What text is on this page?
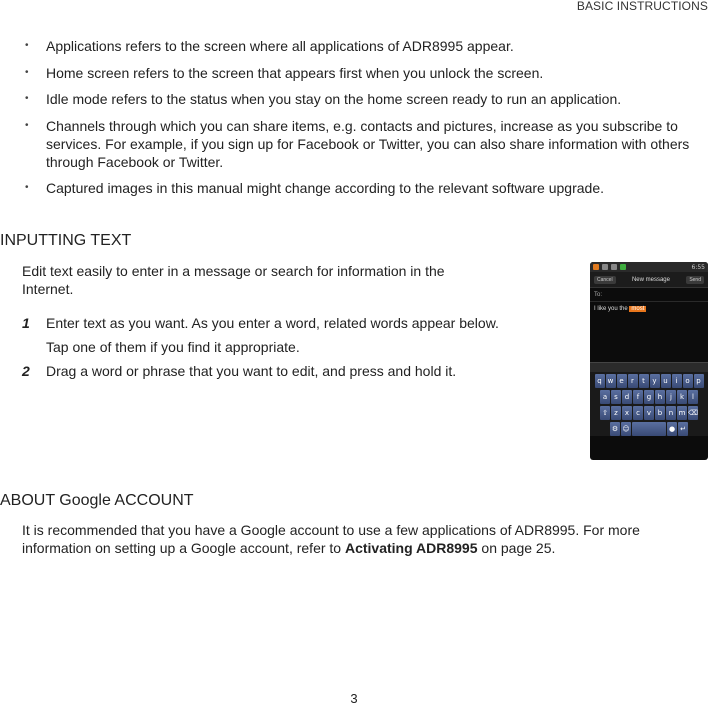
BASIC INSTRUCTIONS
• Applications refers to the screen where all applications of ADR8995 appear.
• Home screen refers to the screen that appears first when you unlock the screen.
• Idle mode refers to the status when you stay on the home screen ready to run an application.
• Channels through which you can share items, e.g. contacts and pictures, increase as you subscribe to services. For example, if you sign up for Facebook or Twitter, you can also share information with others through Facebook or Twitter.
• Captured images in this manual might change according to the relevant software upgrade.
INPUTTING TEXT

Edit text easily to enter in a message or search for information in the Internet.

1 Enter text as you want. As you enter a word, related words appear below.
Tap one of them if you find it appropriate.
2 Drag a word or phrase that you want to edit, and press and hold it.
6:55
Cancel	New message	Send
To:
I like you the most
q w e	r	t	y u	i	o p
a	s d	f	g h	j	k	l
⇧ z	x c	v b n m ⌫
⚙ ☺	● ↵
ABOUT Google ACCOUNT

It is recommended that you have a Google account to use a few applications of ADR8995. For more information on setting up a Google account, refer to Activating ADR8995 on page 25.

3
